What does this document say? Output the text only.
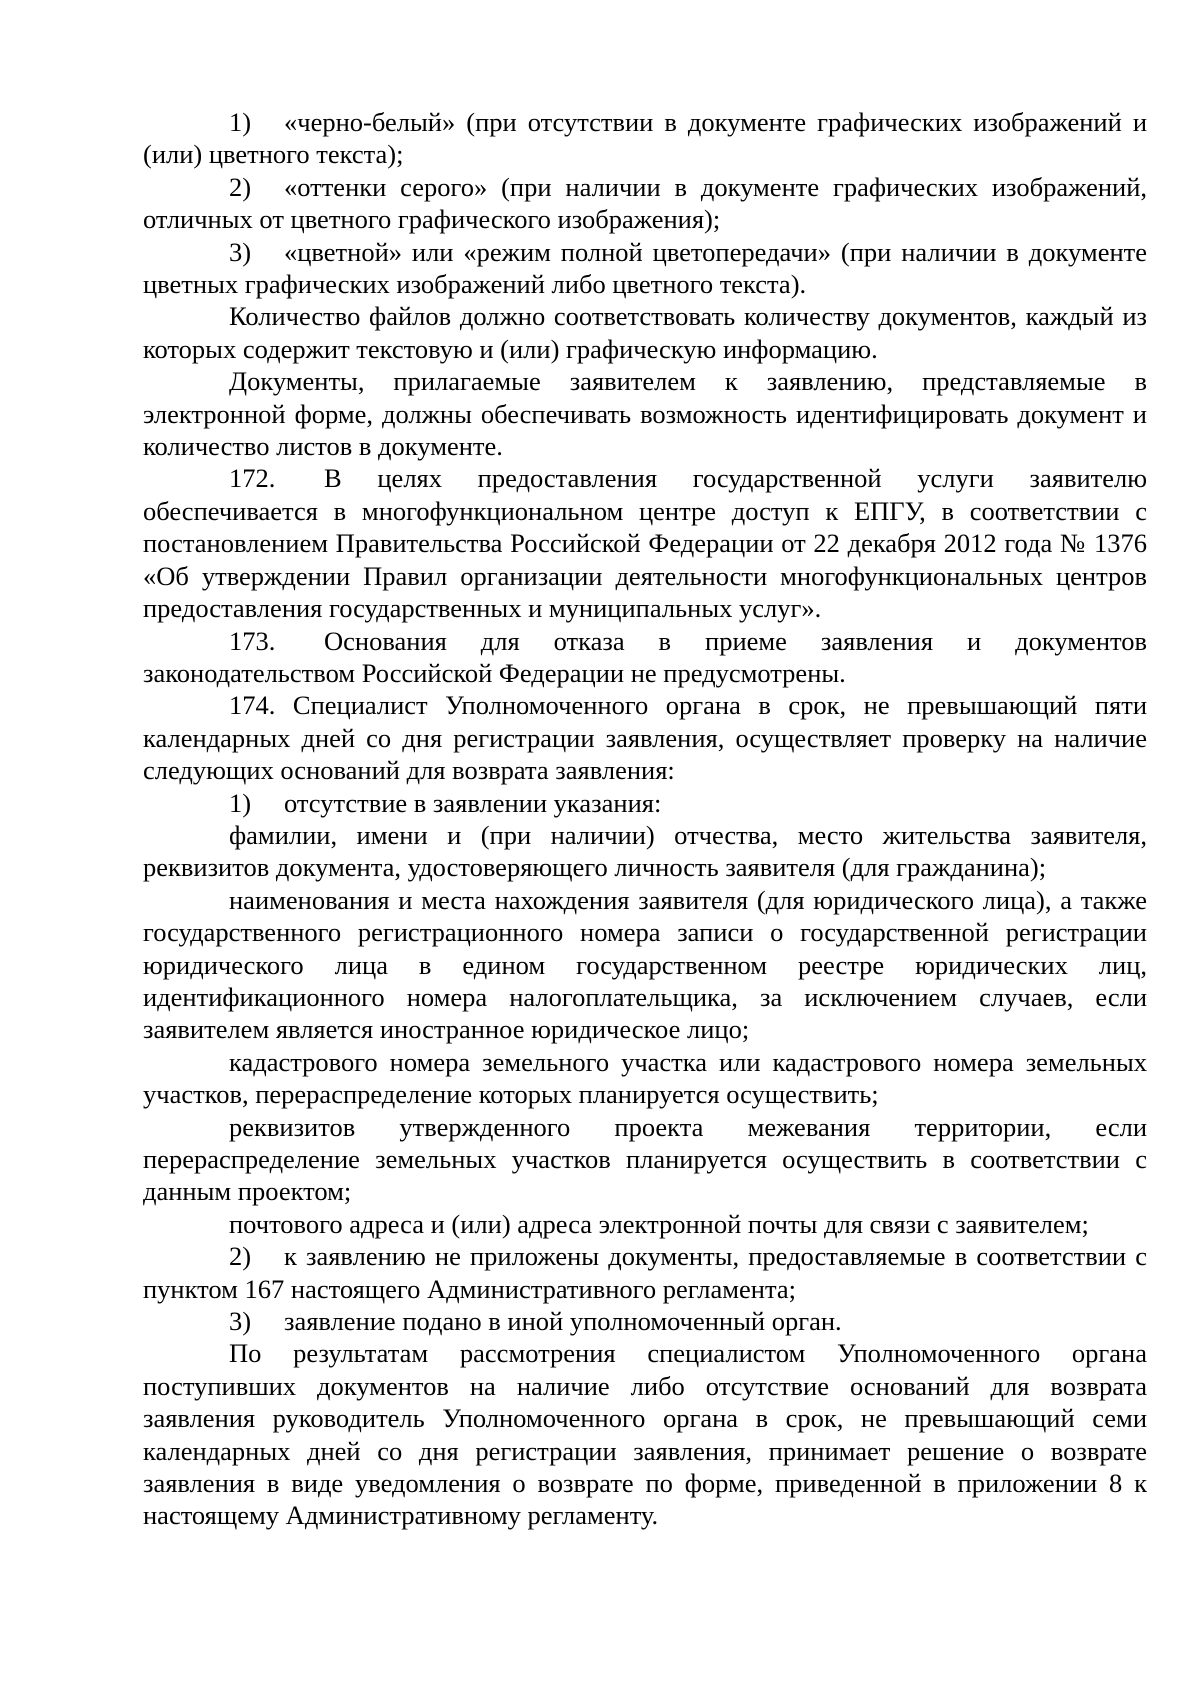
1) «черно-белый» (при отсутствии в документе графических изображений и (или) цветного текста);

2) «оттенки серого» (при наличии в документе графических изображений, отличных от цветного графического изображения);

3) «цветной» или «режим полной цветопередачи» (при наличии в документе цветных графических изображений либо цветного текста).

Количество файлов должно соответствовать количеству документов, каждый из которых содержит текстовую и (или) графическую информацию.

Документы, прилагаемые заявителем к заявлению, представляемые в электронной форме, должны обеспечивать возможность идентифицировать документ и количество листов в документе.

172. В целях предоставления государственной услуги заявителю обеспечивается в многофункциональном центре доступ к ЕПГУ, в соответствии с постановлением Правительства Российской Федерации от 22 декабря 2012 года № 1376 «Об утверждении Правил организации деятельности многофункциональных центров предоставления государственных и муниципальных услуг».

173. Основания для отказа в приеме заявления и документов законодательством Российской Федерации не предусмотрены.

174. Специалист Уполномоченного органа в срок, не превышающий пяти календарных дней со дня регистрации заявления, осуществляет проверку на наличие следующих оснований для возврата заявления:

1) отсутствие в заявлении указания:

фамилии, имени и (при наличии) отчества, место жительства заявителя, реквизитов документа, удостоверяющего личность заявителя (для гражданина);

наименования и места нахождения заявителя (для юридического лица), а также государственного регистрационного номера записи о государственной регистрации юридического лица в едином государственном реестре юридических лиц, идентификационного номера налогоплательщика, за исключением случаев, если заявителем является иностранное юридическое лицо;

кадастрового номера земельного участка или кадастрового номера земельных участков, перераспределение которых планируется осуществить;

реквизитов утвержденного проекта межевания территории, если перераспределение земельных участков планируется осуществить в соответствии с данным проектом;

почтового адреса и (или) адреса электронной почты для связи с заявителем;

2) к заявлению не приложены документы, предоставляемые в соответствии с пунктом 167 настоящего Административного регламента;

3) заявление подано в иной уполномоченный орган.

По результатам рассмотрения специалистом Уполномоченного органа поступивших документов на наличие либо отсутствие оснований для возврата заявления руководитель Уполномоченного органа в срок, не превышающий семи календарных дней со дня регистрации заявления, принимает решение о возврате заявления в виде уведомления о возврате по форме, приведенной в приложении 8 к настоящему Административному регламенту.
